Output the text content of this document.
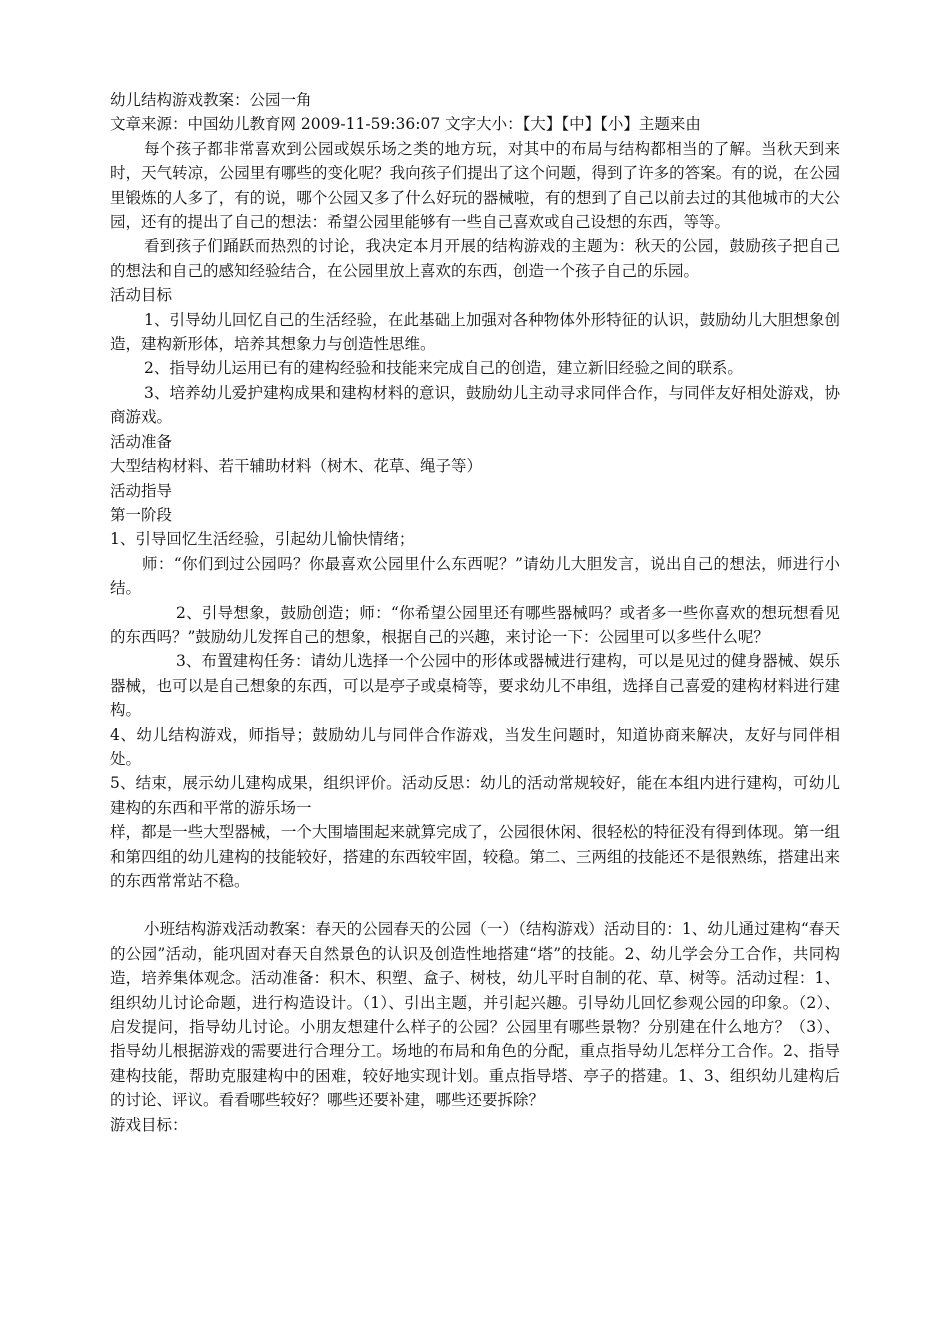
幼儿结构游戏教案：公园一角

文章来源：中国幼儿教育网 2009-11-59:36:07 文字大小：【大】【中】【小】主题来由

每个孩子都非常喜欢到公园或娱乐场之类的地方玩，对其中的布局与结构都相当的了解。当秋天到来时，天气转凉，公园里有哪些的变化呢？我向孩子们提出了这个问题，得到了许多的答案。有的说，在公园里锻炼的人多了，有的说，哪个公园又多了什么好玩的器械啦，有的想到了自己以前去过的其他城市的大公园，还有的提出了自己的想法：希望公园里能够有一些自己喜欢或自己设想的东西，等等。

看到孩子们踊跃而热烈的讨论，我决定本月开展的结构游戏的主题为：秋天的公园，鼓励孩子把自己的想法和自己的感知经验结合，在公园里放上喜欢的东西，创造一个孩子自己的乐园。

活动目标

1、引导幼儿回忆自己的生活经验，在此基础上加强对各种物体外形特征的认识，鼓励幼儿大胆想象创造，建构新形体，培养其想象力与创造性思维。

2、指导幼儿运用已有的建构经验和技能来完成自己的创造，建立新旧经验之间的联系。

3、培养幼儿爱护建构成果和建构材料的意识，鼓励幼儿主动寻求同伴合作，与同伴友好相处游戏，协商游戏。

活动准备

大型结构材料、若干辅助材料（树木、花草、绳子等）

活动指导

第一阶段

1、引导回忆生活经验，引起幼儿愉快情绪；

师：“你们到过公园吗？你最喜欢公园里什么东西呢？”请幼儿大胆发言，说出自己的想法，师进行小结。

2、引导想象，鼓励创造；师：“你希望公园里还有哪些器械吗？或者多一些你喜欢的想玩想看见的东西吗？”鼓励幼儿发挥自己的想象，根据自己的兴趣，来讨论一下：公园里可以多些什么呢？

3、布置建构任务：请幼儿选择一个公园中的形体或器械进行建构，可以是见过的健身器械、娱乐器械，也可以是自己想象的东西，可以是亭子或桌椅等，要求幼儿不串组，选择自己喜爱的建构材料进行建构。

4、幼儿结构游戏，师指导；鼓励幼儿与同伴合作游戏，当发生问题时，知道协商来解决，友好与同伴相处。

5、结束，展示幼儿建构成果，组织评价。活动反思：幼儿的活动常规较好，能在本组内进行建构，可幼儿建构的东西和平常的游乐场一

样，都是一些大型器械，一个大围墙围起来就算完成了，公园很休闲、很轻松的特征没有得到体现。第一组和第四组的幼儿建构的技能较好，搭建的东西较牢固，较稳。第二、三两组的技能还不是很熟练，搭建出来的东西常常站不稳。

小班结构游戏活动教案：春天的公园春天的公园（一）（结构游戏）活动目的：1、幼儿通过建构“春天的公园”活动，能巩固对春天自然景色的认识及创造性地搭建“塔”的技能。2、幼儿学会分工合作，共同构造，培养集体观念。活动准备：积木、积塑、盒子、树枝，幼儿平时自制的花、草、树等。活动过程：1、组织幼儿讨论命题，进行构造设计。（1）、引出主题，并引起兴趣。引导幼儿回忆参观公园的印象。（2）、启发提问，指导幼儿讨论。小朋友想建什么样子的公园？公园里有哪些景物？分别建在什么地方？（3）、指导幼儿根据游戏的需要进行合理分工。场地的布局和角色的分配，重点指导幼儿怎样分工合作。2、指导建构技能，帮助克服建构中的困难，较好地实现计划。重点指导塔、亭子的搭建。1、3、组织幼儿建构后的讨论、评议。看看哪些较好？哪些还要补建，哪些还要拆除？

游戏目标：
